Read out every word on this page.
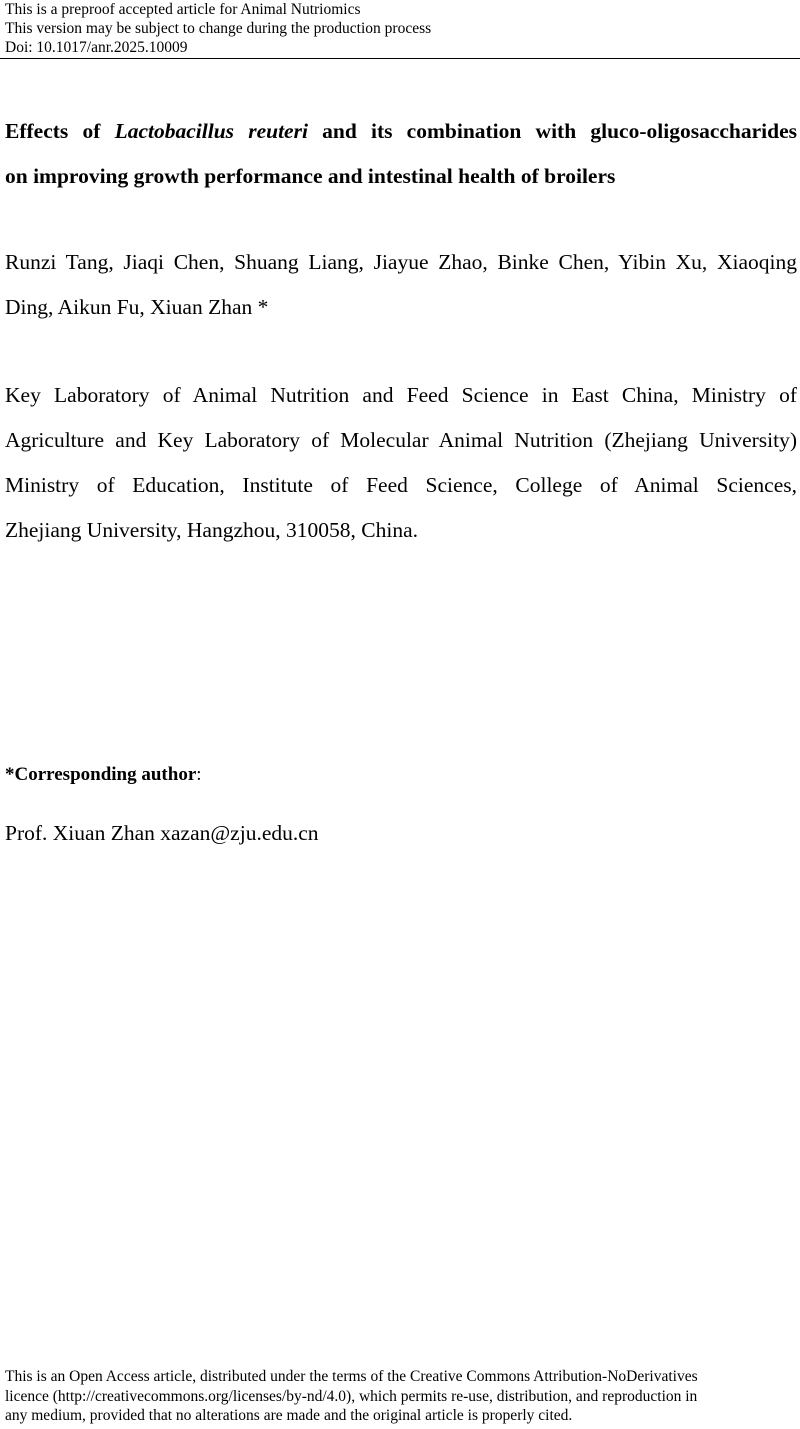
This is a preproof accepted article for Animal Nutriomics
This version may be subject to change during the production process
Doi: 10.1017/anr.2025.10009
Effects of Lactobacillus reuteri and its combination with gluco-oligosaccharides
on improving growth performance and intestinal health of broilers

Runzi Tang, Jiaqi Chen, Shuang Liang, Jiayue Zhao, Binke Chen, Yibin Xu, Xiaoqing
Ding, Aikun Fu, Xiuan Zhan *

Key Laboratory of Animal Nutrition and Feed Science in East China, Ministry of
Agriculture and Key Laboratory of Molecular Animal Nutrition (Zhejiang University)
Ministry of Education, Institute of Feed Science, College of Animal Sciences,
Zhejiang University, Hangzhou, 310058, China.

*Corresponding author:
Prof. Xiuan Zhan xazan@zju.edu.cn
This is an Open Access article, distributed under the terms of the Creative Commons Attribution-NoDerivatives
licence (http://creativecommons.org/licenses/by-nd/4.0), which permits re-use, distribution, and reproduction in
any medium, provided that no alterations are made and the original article is properly cited.
